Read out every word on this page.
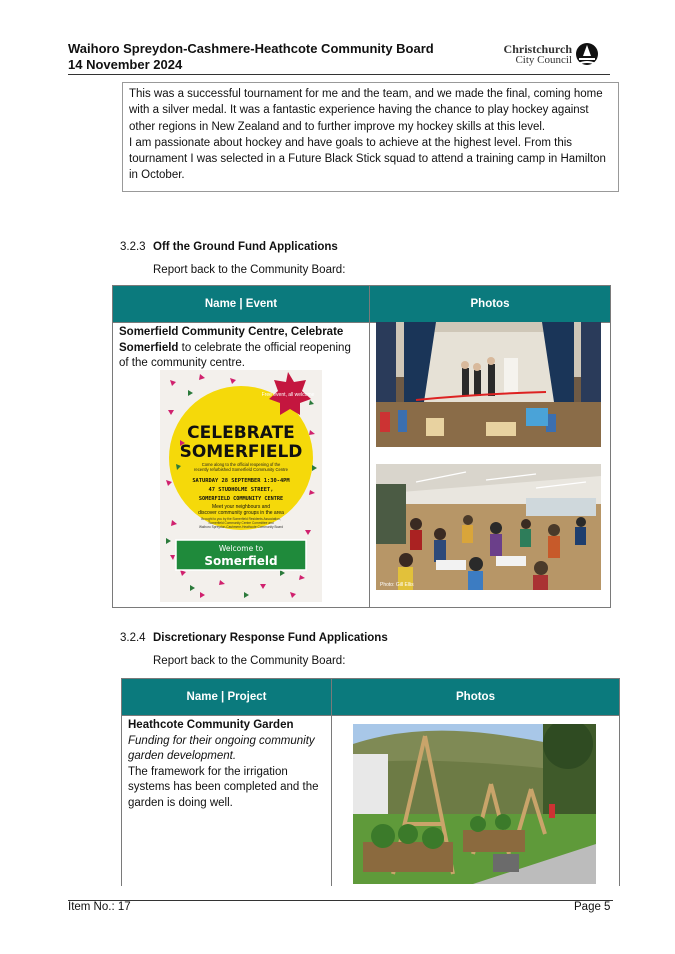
Waihoro Spreydon-Cashmere-Heathcote Community Board
14 November 2024
Christchurch
City Council

This was a successful tournament for me and the team, and we made the final, coming home with a silver medal. It was a fantastic experience having the chance to play hockey against other regions in New Zealand and to further improve my hockey skills at this level.

I am passionate about hockey and have goals to achieve at the highest level. From this tournament I was selected in a Future Black Stick squad to attend a training camp in Hamilton in October.

3.2.3 Off the Ground Fund Applications
Report back to the Community Board:
Name | Event	Photos
Somerfield Community Centre, Celebrate Somerfield to celebrate the official reopening of the community centre.	
Free event, all welcome
CELEBRATE
SOMERFIELD
Come along to the official reopening of the
recently refurbished Somerfield Community Centre
SATURDAY 28 SEPTEMBER 1:30-4PM
47 STUDHOLME STREET,
SOMERFIELD COMMUNITY CENTRE
Meet your neighbours and
discover community groups in the area
Brought to you by the Somerfield Residents Association,
Somerfield Community Centre Committee and
Waihoro Spreydon-Cashmere-Heathcote Community Board
Welcome to
Somerfield
Photo: Gill Ellis
3.2.4 Discretionary Response Fund Applications
Report back to the Community Board:
Name | Project	Photos
Heathcote Community Garden
Funding for their ongoing community garden development.
The framework for the irrigation systems has been completed and the garden is doing well.	
Item No.: 17	Page 5
